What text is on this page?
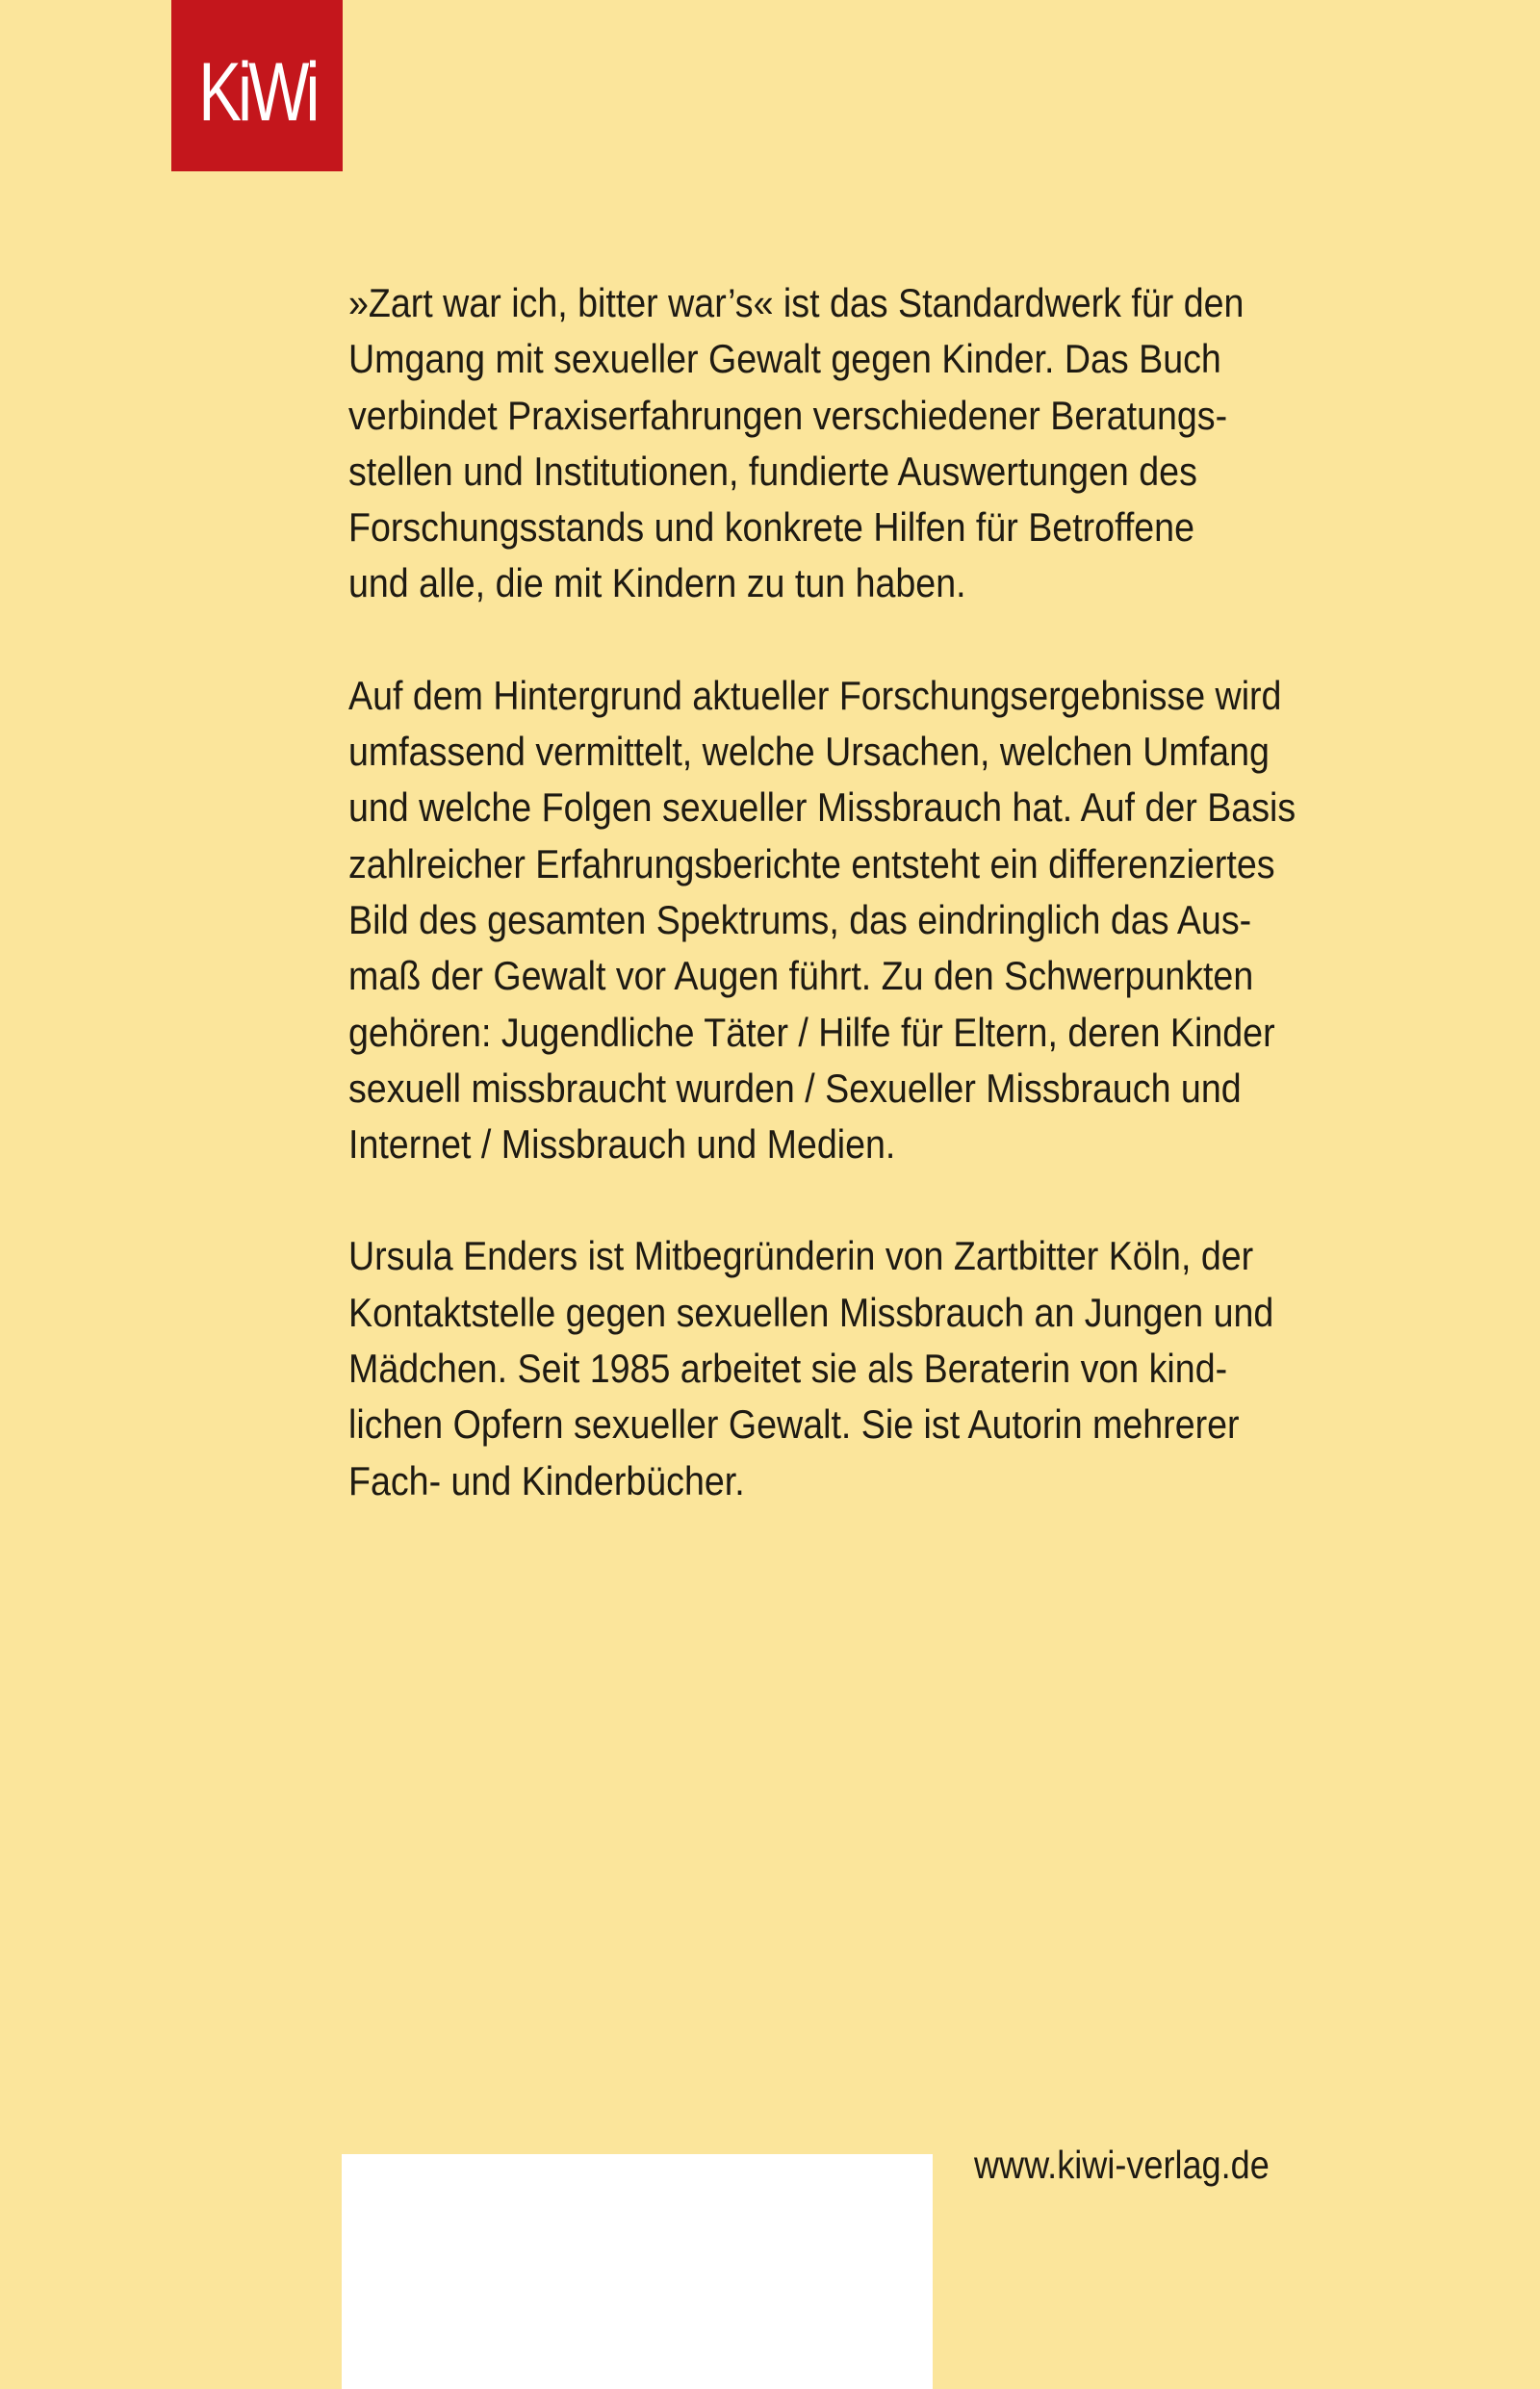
KiWi

»Zart war ich, bitter war’s« ist das Standardwerk für den
Umgang mit sexueller Gewalt gegen Kinder. Das Buch
verbindet Praxiserfahrungen verschiedener Beratungs-
stellen und Institutionen, fundierte Auswertungen des
Forschungsstands und konkrete Hilfen für Betroffene
und alle, die mit Kindern zu tun haben.

Auf dem Hintergrund aktueller Forschungsergebnisse wird
umfassend vermittelt, welche Ursachen, welchen Umfang
und welche Folgen sexueller Missbrauch hat. Auf der Basis
zahlreicher Erfahrungsberichte entsteht ein differenziertes
Bild des gesamten Spektrums, das eindringlich das Aus-
maß der Gewalt vor Augen führt. Zu den Schwerpunkten
gehören: Jugendliche Täter / Hilfe für Eltern, deren Kinder
sexuell missbraucht wurden / Sexueller Missbrauch und
Internet / Missbrauch und Medien.

Ursula Enders ist Mitbegründerin von Zartbitter Köln, der
Kontaktstelle gegen sexuellen Missbrauch an Jungen und
Mädchen. Seit 1985 arbeitet sie als Beraterin von kind-
lichen Opfern sexueller Gewalt. Sie ist Autorin mehrerer
Fach- und Kinderbücher.

www.kiwi-verlag.de
